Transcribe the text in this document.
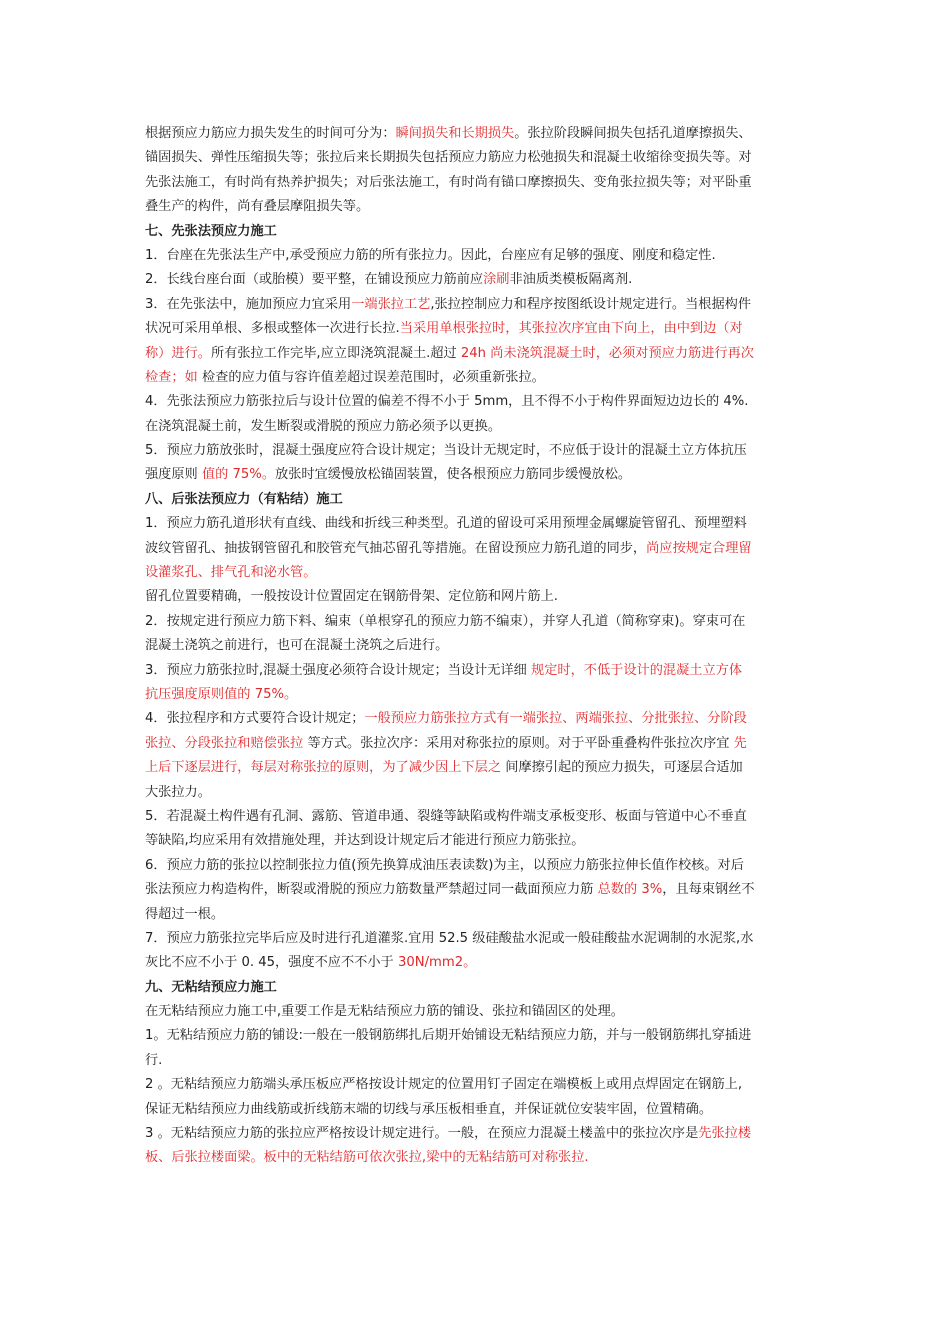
根据预应力筋应力损失发生的时间可分为：瞬间损失和长期损失。张拉阶段瞬间损失包括孔道摩擦损失、
锚固损失、弹性压缩损失等；张拉后来长期损失包括预应力筋应力松弛损失和混凝土收缩徐变损失等。对
先张法施工，有时尚有热养护损失；对后张法施工，有时尚有锚口摩擦损失、变角张拉损失等；对平卧重
叠生产的构件，尚有叠层摩阻损失等。
七、先张法预应力施工
1．台座在先张法生产中,承受预应力筋的所有张拉力。因此，台座应有足够的强度、刚度和稳定性.
2．长线台座台面（或胎模）要平整，在铺设预应力筋前应涂刷非油质类模板隔离剂.
3．在先张法中，施加预应力宜采用一端张拉工艺,张拉控制应力和程序按图纸设计规定进行。当根据构件
状况可采用单根、多根或整体一次进行长拉.当采用单根张拉时，其张拉次序宜由下向上，由中到边（对
称）进行。所有张拉工作完毕,应立即浇筑混凝土.超过 24h 尚未浇筑混凝土时，必须对预应力筋进行再次
检查；如 检查的应力值与容许值差超过误差范围时，必须重新张拉。
4．先张法预应力筋张拉后与设计位置的偏差不得不小于 5mm，且不得不小于构件界面短边边长的 4%.
在浇筑混凝土前，发生断裂或滑脱的预应力筋必须予以更换。
5．预应力筋放张时，混凝土强度应符合设计规定；当设计无规定时，不应低于设计的混凝土立方体抗压
强度原则 值的 75%。放张时宜缓慢放松锚固装置，使各根预应力筋同步缓慢放松。
八、后张法预应力（有粘结）施工
1．预应力筋孔道形状有直线、曲线和折线三种类型。孔道的留设可采用预埋金属螺旋管留孔、预埋塑料
波纹管留孔、抽拔钢管留孔和胶管充气抽芯留孔等措施。在留设预应力筋孔道的同步，尚应按规定合理留
设灌浆孔、排气孔和泌水管。
留孔位置要精确，一般按设计位置固定在钢筋骨架、定位筋和网片筋上.
2．按规定进行预应力筋下料、编束（单根穿孔的预应力筋不编束），并穿人孔道（简称穿束)。穿束可在
混凝土浇筑之前进行，也可在混凝土浇筑之后进行。
3．预应力筋张拉时,混凝土强度必须符合设计规定；当设计无详细 规定时，不低于设计的混凝土立方体
抗压强度原则值的 75%。
4．张拉程序和方式要符合设计规定；一般预应力筋张拉方式有一端张拉、两端张拉、分批张拉、分阶段
张拉、分段张拉和赔偿张拉 等方式。张拉次序：采用对称张拉的原则。对于平卧重叠构件张拉次序宜 先
上后下逐层进行，每层对称张拉的原则，为了减少因上下层之 间摩擦引起的预应力损失，可逐层合适加
大张拉力。
5．若混凝土构件遇有孔洞、露筋、管道串通、裂缝等缺陷或构件端支承板变形、板面与管道中心不垂直
等缺陷,均应采用有效措施处理，并达到设计规定后才能进行预应力筋张拉。
6．预应力筋的张拉以控制张拉力值(预先换算成油压表读数)为主，以预应力筋张拉伸长值作校核。对后
张法预应力构造构件，断裂或滑脱的预应力筋数量严禁超过同一截面预应力筋 总数的 3%，且每束钢丝不
得超过一根。
7．预应力筋张拉完毕后应及时进行孔道灌浆.宜用 52.5 级硅酸盐水泥或一般硅酸盐水泥调制的水泥浆,水
灰比不应不小于 0. 45，强度不应不不小于 30N/mm2。
九、无粘结预应力施工
在无粘结预应力施工中,重要工作是无粘结预应力筋的铺设、张拉和锚固区的处理。
1。无粘结预应力筋的铺设:一般在一般钢筋绑扎后期开始铺设无粘结预应力筋，并与一般钢筋绑扎穿插进
行.
2 。无粘结预应力筋端头承压板应严格按设计规定的位置用钉子固定在端模板上或用点焊固定在钢筋上,
保证无粘结预应力曲线筋或折线筋末端的切线与承压板相垂直，并保证就位安装牢固，位置精确。
3 。无粘结预应力筋的张拉应严格按设计规定进行。一般，在预应力混凝土楼盖中的张拉次序是先张拉楼
板、后张拉楼面梁。板中的无粘结筋可依次张拉,梁中的无粘结筋可对称张拉.
